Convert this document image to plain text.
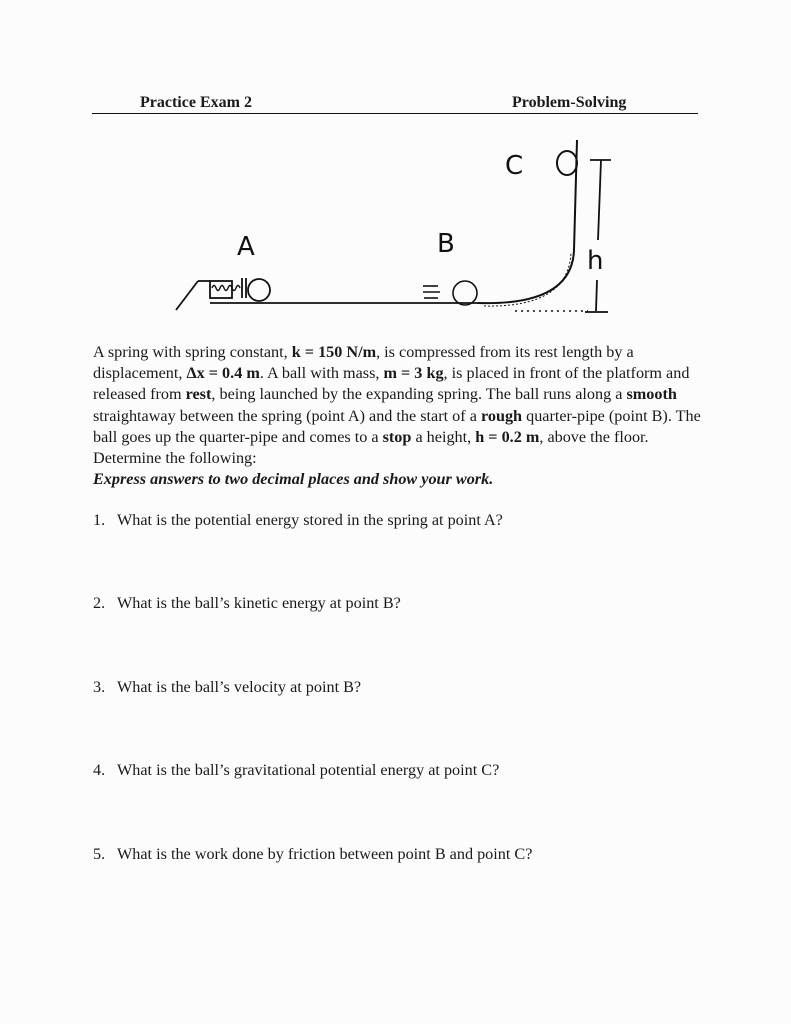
Practice Exam 2	Problem-Solving
A	B
C
h

A spring with spring constant, k = 150 N/m, is compressed from its rest length by a displacement, Δx = 0.4 m. A ball with mass, m = 3 kg, is placed in front of the platform and released from rest, being launched by the expanding spring. The ball runs along a smooth straightaway between the spring (point A) and the start of a rough quarter-pipe (point B). The ball goes up the quarter-pipe and comes to a stop a height, h = 0.2 m, above the floor. Determine the following:

Express answers to two decimal places and show your work.

1. What is the potential energy stored in the spring at point A?
2. What is the ball’s kinetic energy at point B?
3. What is the ball’s velocity at point B?
4. What is the ball’s gravitational potential energy at point C?
5. What is the work done by friction between point B and point C?
